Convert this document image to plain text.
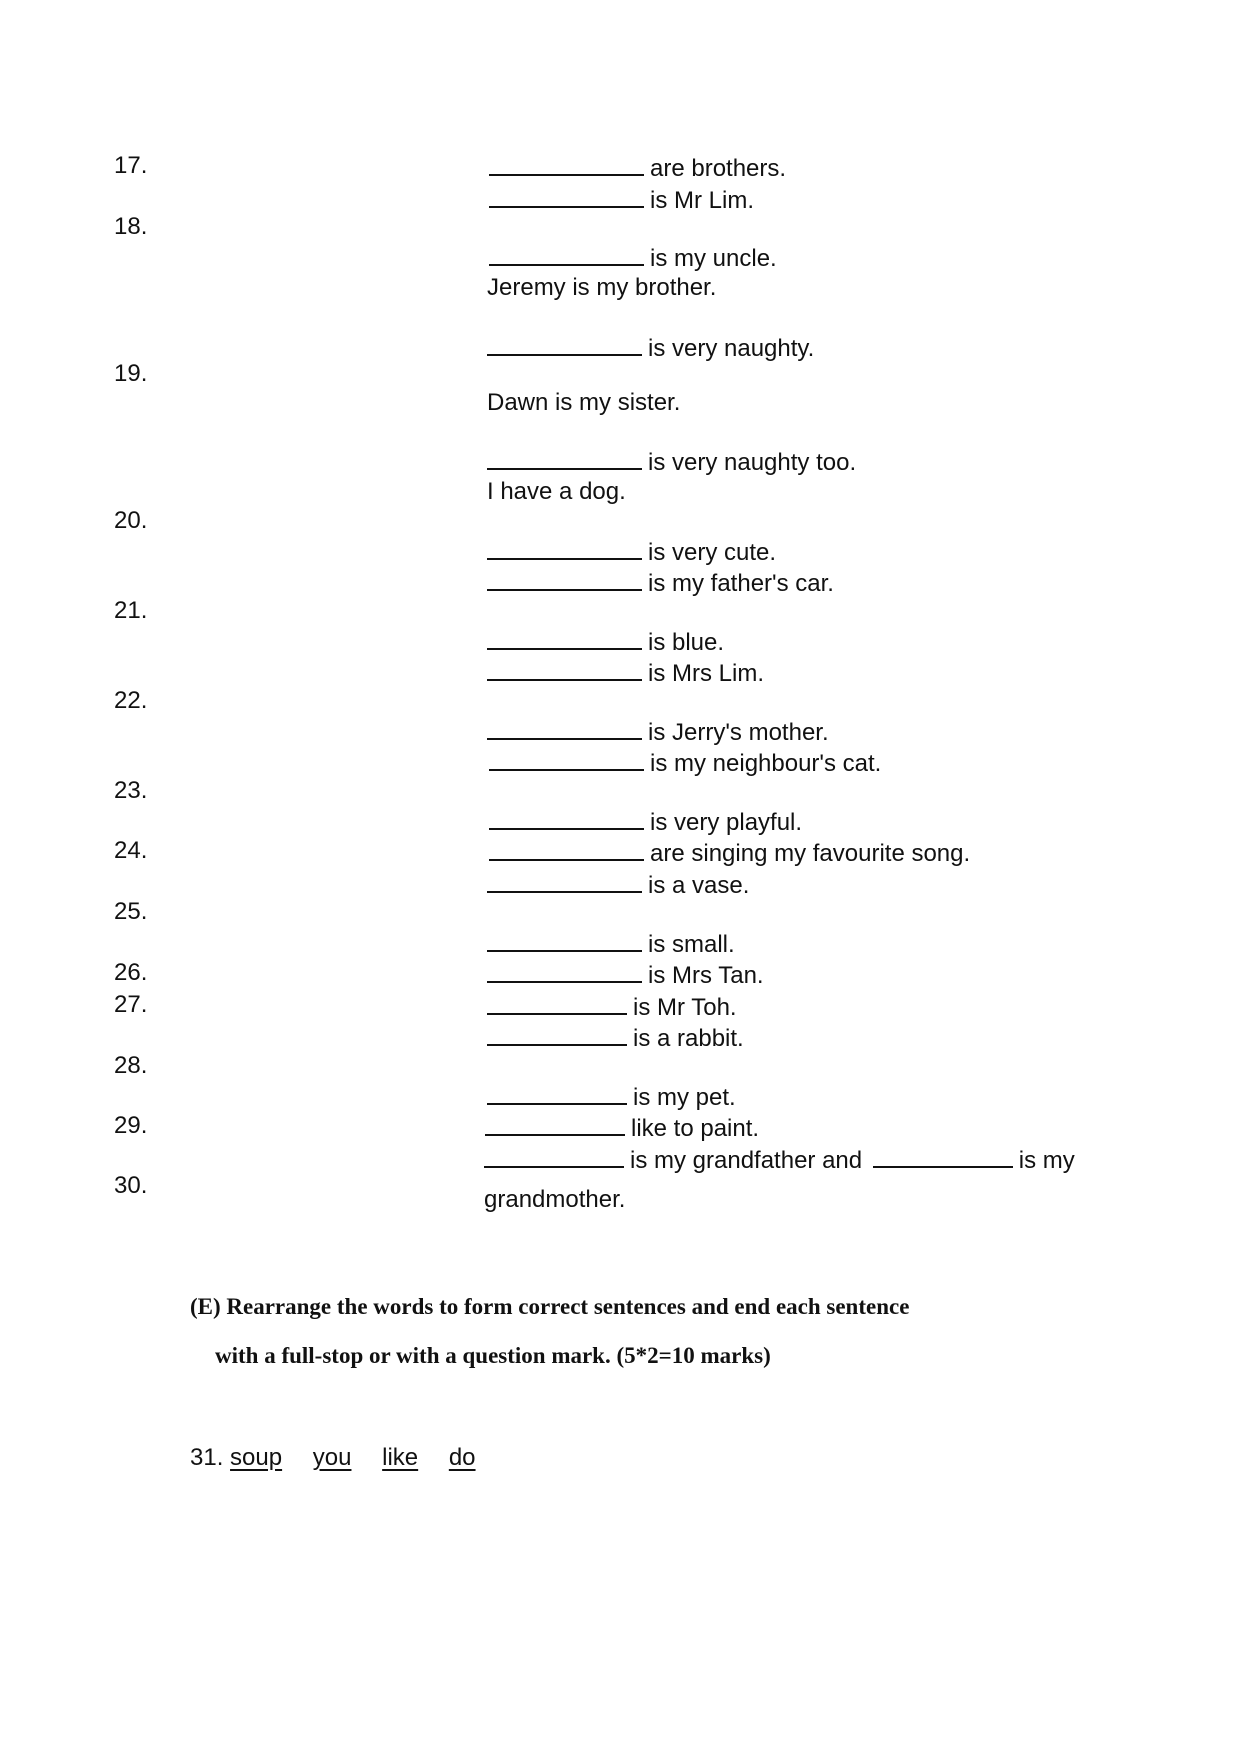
17.
18.
19.
20.
21.
22.
23.
24.
25.
26.
27.
28.
29.
30.
are brothers.
is Mr Lim.
is my uncle.
Jeremy is my brother.
is very naughty.
Dawn is my sister.
is very naughty too.
I have a dog.
is very cute.
is my father's car.
is blue.
is Mrs Lim.
is Jerry's mother.
is my neighbour's cat.
is very playful.
are singing my favourite song.
is a vase.
is small.
is Mrs Tan.
is Mr Toh.
is a rabbit.
is my pet.
like to paint.
is my grandfather and	is my
grandmother.
(E) Rearrange the words to form correct sentences and end each sentence
with a full-stop or with a question mark. (5*2=10 marks)
31. soup you like do
